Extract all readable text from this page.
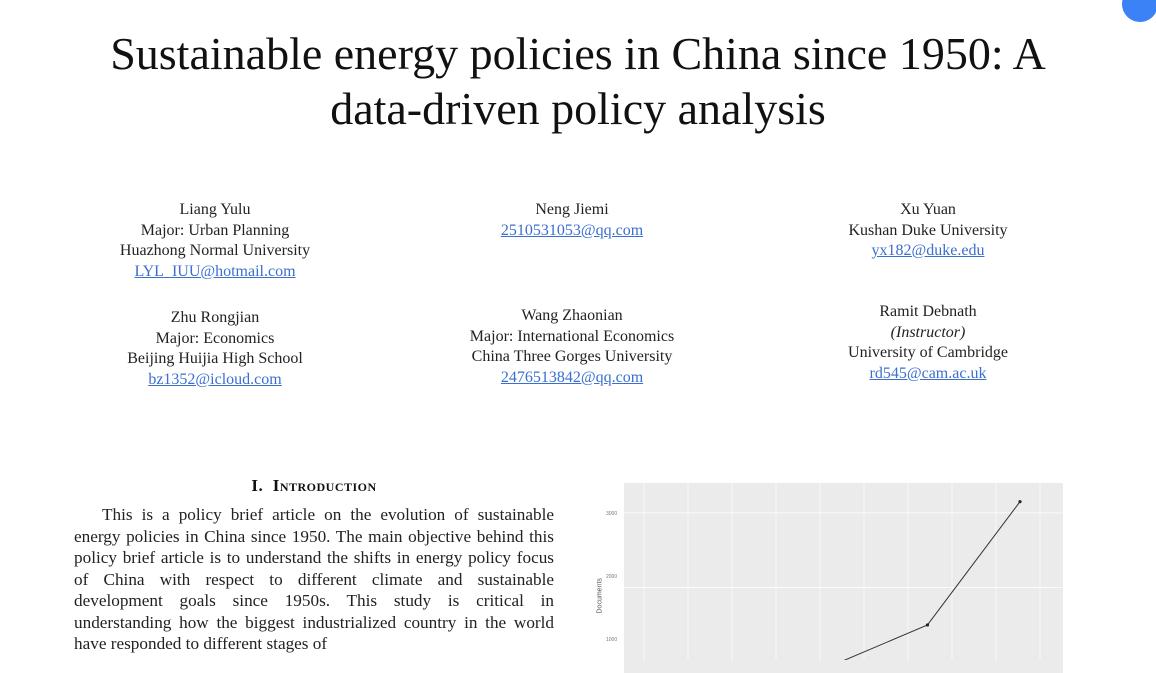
Sustainable energy policies in China since 1950: A data-driven policy analysis
Liang Yulu
Major: Urban Planning
Huazhong Normal University
LYL_IUU@hotmail.com
Neng Jiemi
2510531053@qq.com
Xu Yuan
Kushan Duke University
yx182@duke.edu
Zhu Rongjian
Major: Economics
Beijing Huijia High School
bz1352@icloud.com
Wang Zhaonian
Major: International Economics
China Three Gorges University
2476513842@qq.com
Ramit Debnath
(Instructor)
University of Cambridge
rd545@cam.ac.uk
I. Introduction
This is a policy brief article on the evolution of sustainable energy policies in China since 1950. The main objective behind this policy brief article is to understand the shifts in energy policy focus of China with respect to different climate and sustainable development goals since 1950s. This study is critical in understanding how the biggest industrialized country in the world have responded to different stages of
Documents
3000
2000
1000
